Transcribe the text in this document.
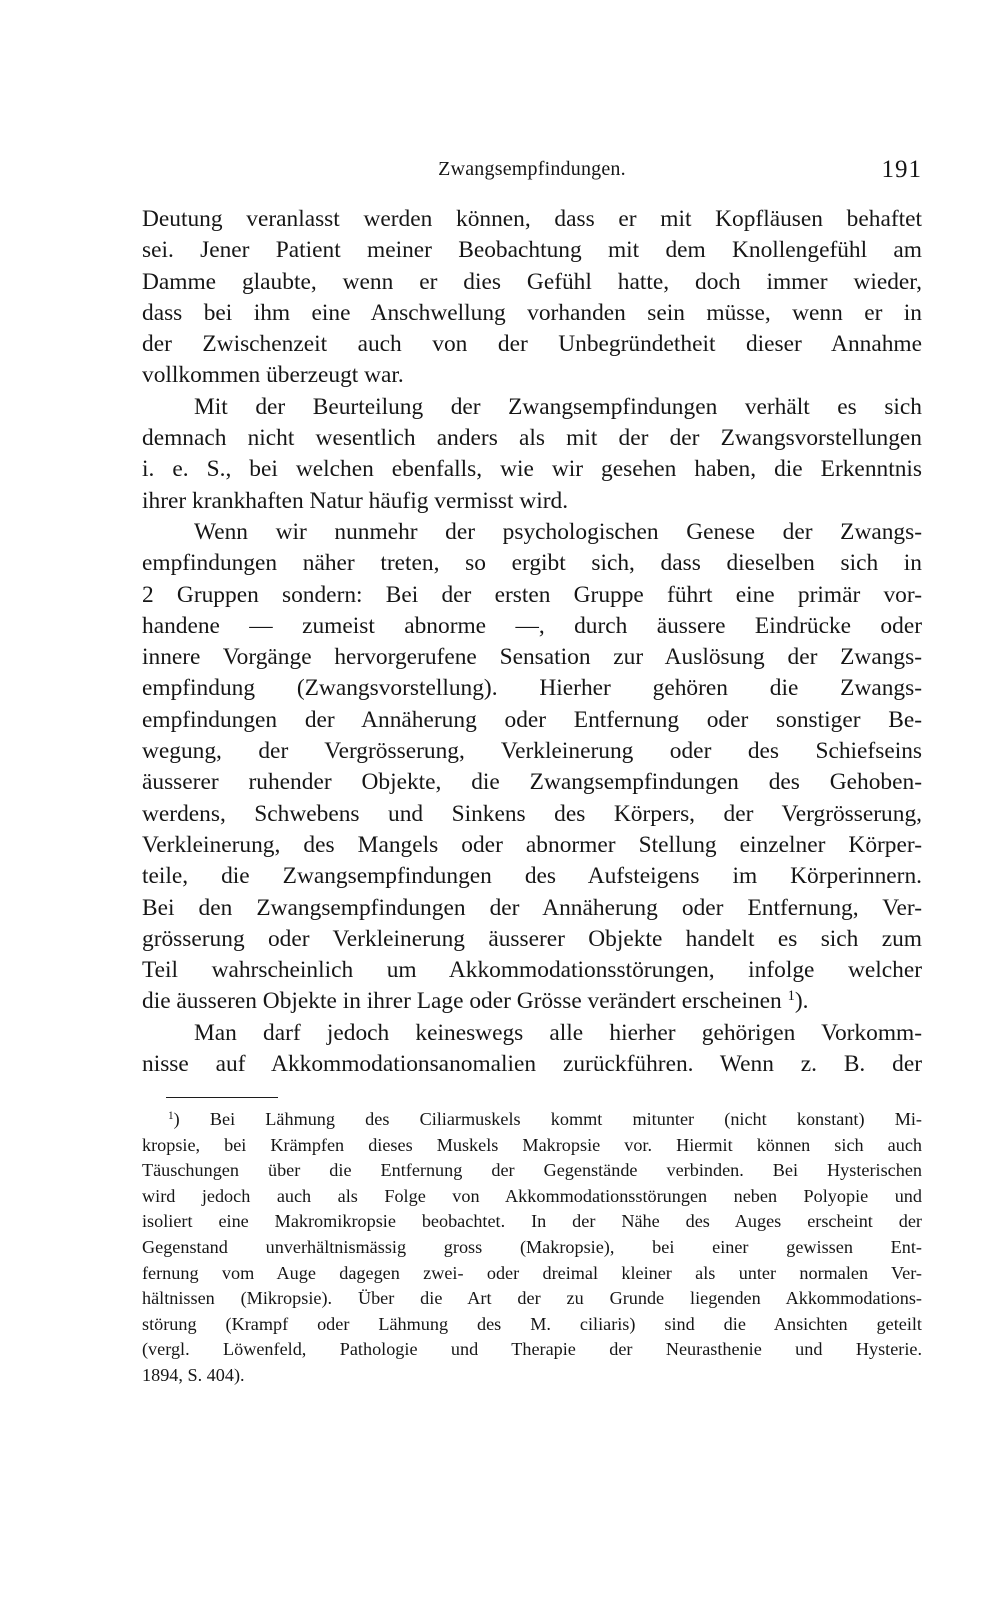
Zwangsempfindungen.	191
Deutung veranlasst werden können, dass er mit Kopfläusen behaftet
sei. Jener Patient meiner Beobachtung mit dem Knollengefühl am
Damme glaubte, wenn er dies Gefühl hatte, doch immer wieder,
dass bei ihm eine Anschwellung vorhanden sein müsse, wenn er in
der Zwischenzeit auch von der Unbegründetheit dieser Annahme
vollkommen überzeugt war.
Mit der Beurteilung der Zwangsempfindungen verhält es sich
demnach nicht wesentlich anders als mit der der Zwangsvorstellungen
i. e. S., bei welchen ebenfalls, wie wir gesehen haben, die Erkenntnis
ihrer krankhaften Natur häufig vermisst wird.
Wenn wir nunmehr der psychologischen Genese der Zwangs-
empfindungen näher treten, so ergibt sich, dass dieselben sich in
2 Gruppen sondern: Bei der ersten Gruppe führt eine primär vor-
handene — zumeist abnorme —, durch äussere Eindrücke oder
innere Vorgänge hervorgerufene Sensation zur Auslösung der Zwangs-
empfindung (Zwangsvorstellung). Hierher gehören die Zwangs-
empfindungen der Annäherung oder Entfernung oder sonstiger Be-
wegung, der Vergrösserung, Verkleinerung oder des Schiefseins
äusserer ruhender Objekte, die Zwangsempfindungen des Gehoben-
werdens, Schwebens und Sinkens des Körpers, der Vergrösserung,
Verkleinerung, des Mangels oder abnormer Stellung einzelner Körper-
teile, die Zwangsempfindungen des Aufsteigens im Körperinnern.
Bei den Zwangsempfindungen der Annäherung oder Entfernung, Ver-
grösserung oder Verkleinerung äusserer Objekte handelt es sich zum
Teil wahrscheinlich um Akkommodationsstörungen, infolge welcher
die äusseren Objekte in ihrer Lage oder Grösse verändert erscheinen $^1$).
Man darf jedoch keineswegs alle hierher gehörigen Vorkomm-
nisse auf Akkommodationsanomalien zurückführen. Wenn z. B. der
$^1$) Bei Lähmung des Ciliarmuskels kommt mitunter (nicht konstant) Mi-
kropsie, bei Krämpfen dieses Muskels Makropsie vor. Hiermit können sich auch
Täuschungen über die Entfernung der Gegenstände verbinden. Bei Hysterischen
wird jedoch auch als Folge von Akkommodationsstörungen neben Polyopie und
isoliert eine Makromikropsie beobachtet. In der Nähe des Auges erscheint der
Gegenstand unverhältnismässig gross (Makropsie), bei einer gewissen Ent-
fernung vom Auge dagegen zwei- oder dreimal kleiner als unter normalen Ver-
hältnissen (Mikropsie). Über die Art der zu Grunde liegenden Akkommodations-
störung (Krampf oder Lähmung des M. ciliaris) sind die Ansichten geteilt
(vergl. Löwenfeld, Pathologie und Therapie der Neurasthenie und Hysterie.
1894, S. 404).
